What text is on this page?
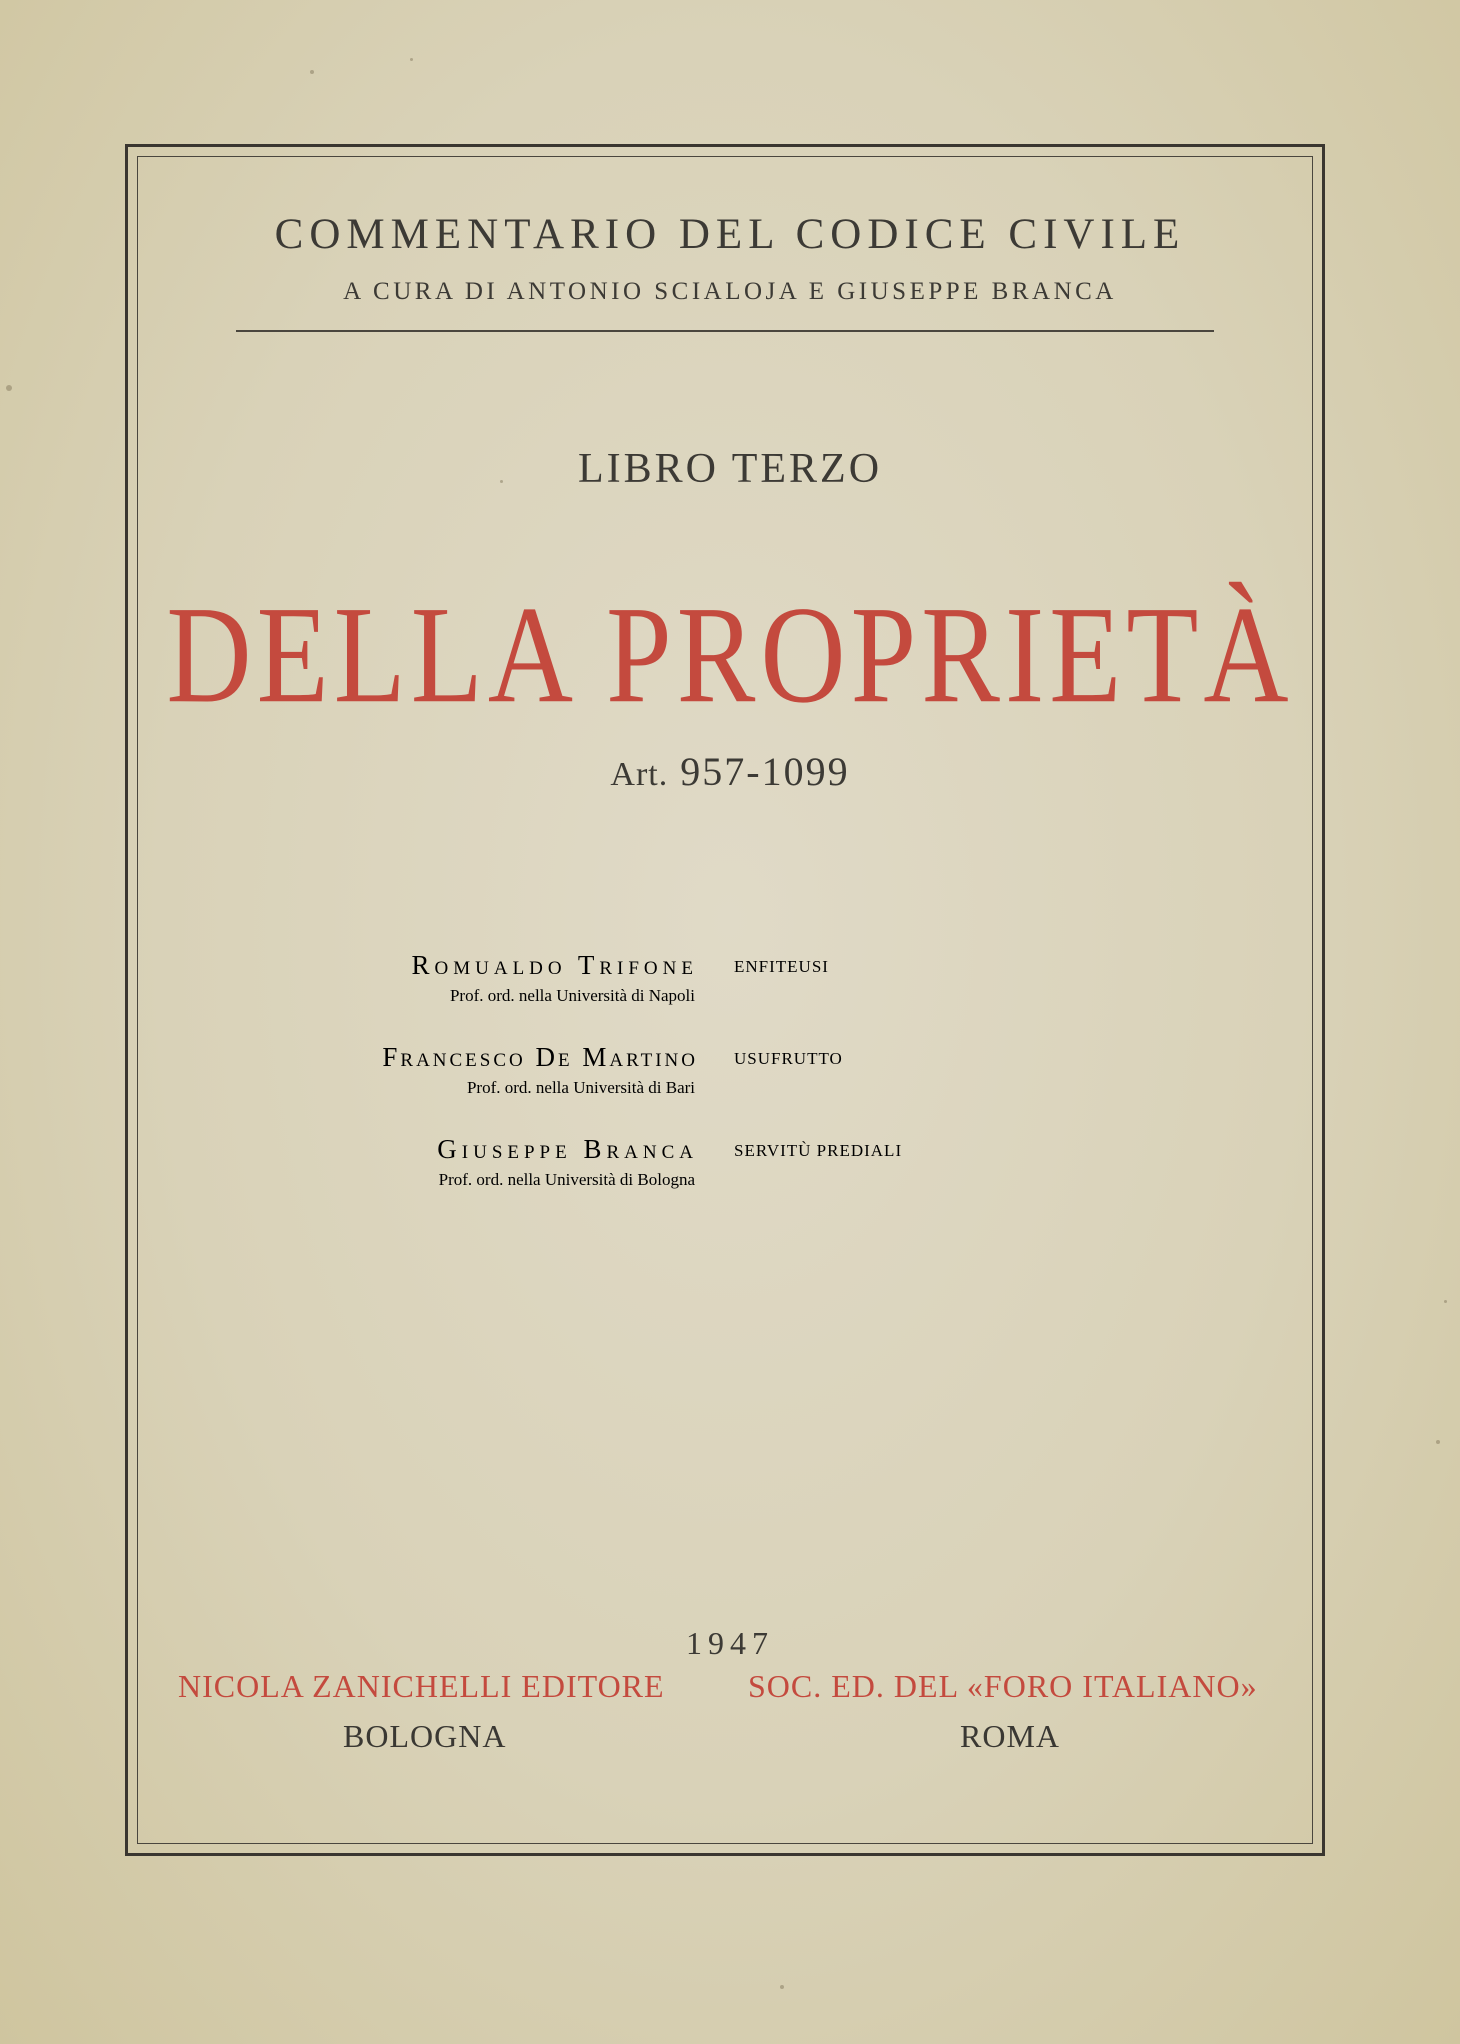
COMMENTARIO DEL CODICE CIVILE
A CURA DI ANTONIO SCIALOJA E GIUSEPPE BRANCA
LIBRO TERZO
DELLA PROPRIETÀ
Art. 957-1099
Romualdo Trifone
Prof. ord. nella Università di Napoli
ENFITEUSI
Francesco De Martino
Prof. ord. nella Università di Bari
USUFRUTTO
Giuseppe Branca
Prof. ord. nella Università di Bologna
SERVITÙ PREDIALI
1947
NICOLA ZANICHELLI EDITORE
BOLOGNA
SOC. ED. DEL «FORO ITALIANO»
ROMA
